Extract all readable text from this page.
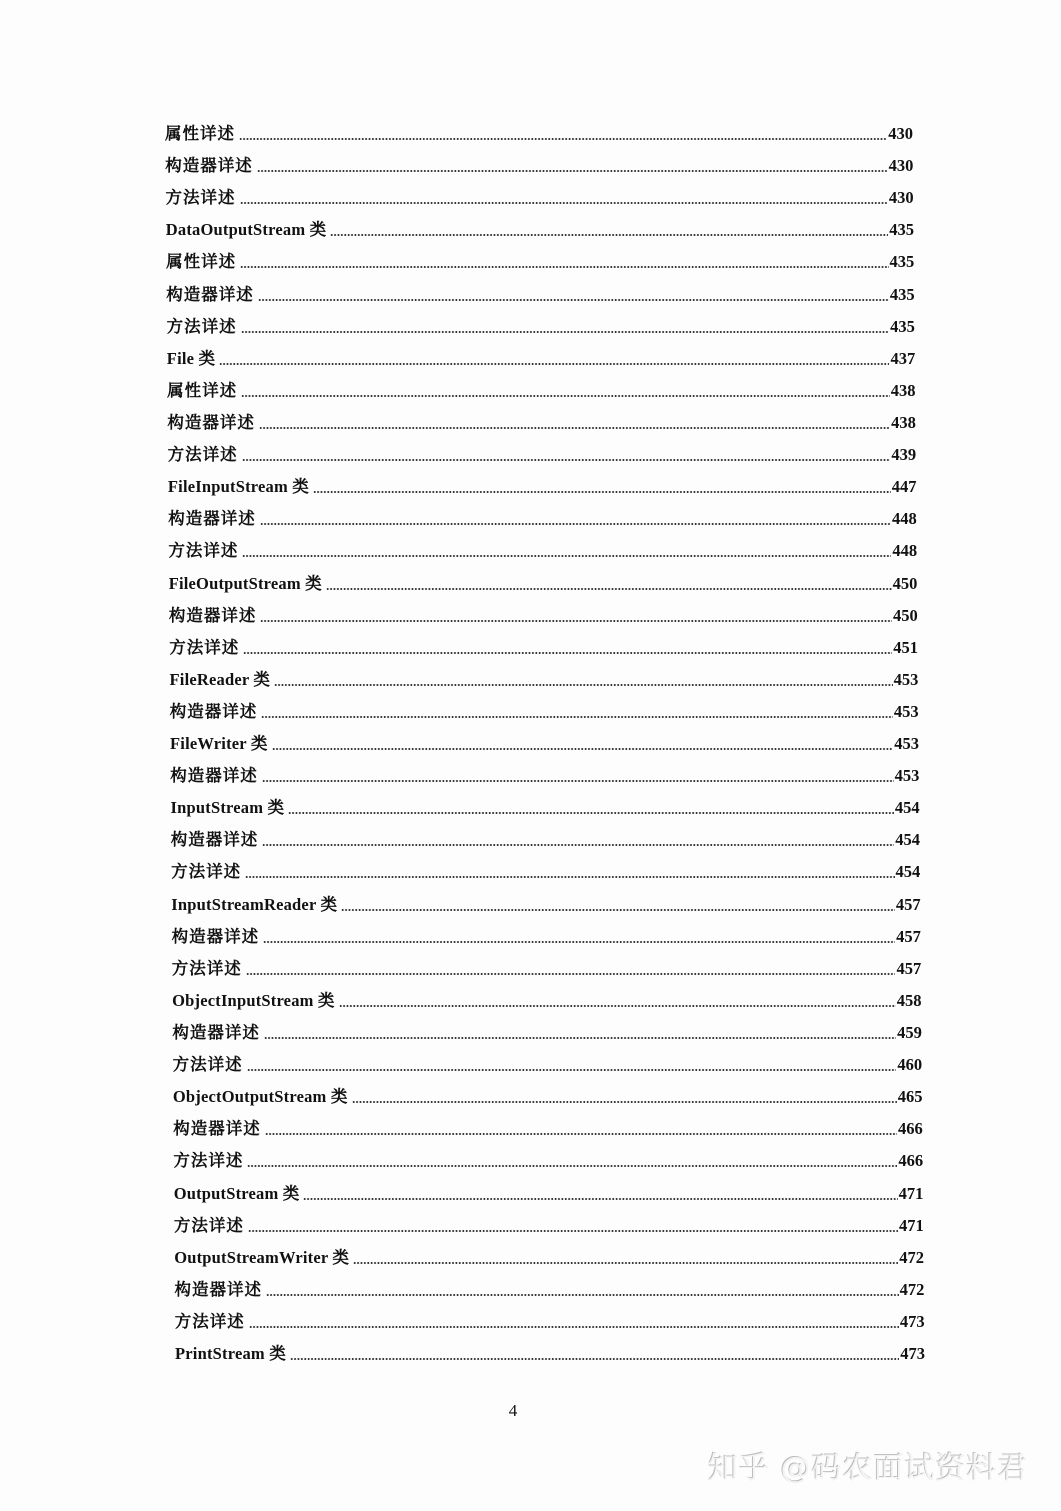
属性详述	430
构造器详述	430
方法详述	430
DataOutputStream 类	435
属性详述	435
构造器详述	435
方法详述	435
File 类	437
属性详述	438
构造器详述	438
方法详述	439
FileInputStream 类	447
构造器详述	448
方法详述	448
FileOutputStream 类	450
构造器详述	450
方法详述	451
FileReader 类	453
构造器详述	453
FileWriter 类	453
构造器详述	453
InputStream 类	454
构造器详述	454
方法详述	454
InputStreamReader 类	457
构造器详述	457
方法详述	457
ObjectInputStream 类	458
构造器详述	459
方法详述	460
ObjectOutputStream 类	465
构造器详述	466
方法详述	466
OutputStream 类	471
方法详述	471
OutputStreamWriter 类	472
构造器详述	472
方法详述	473
PrintStream 类	473
4
知乎 @码农面试资料君
